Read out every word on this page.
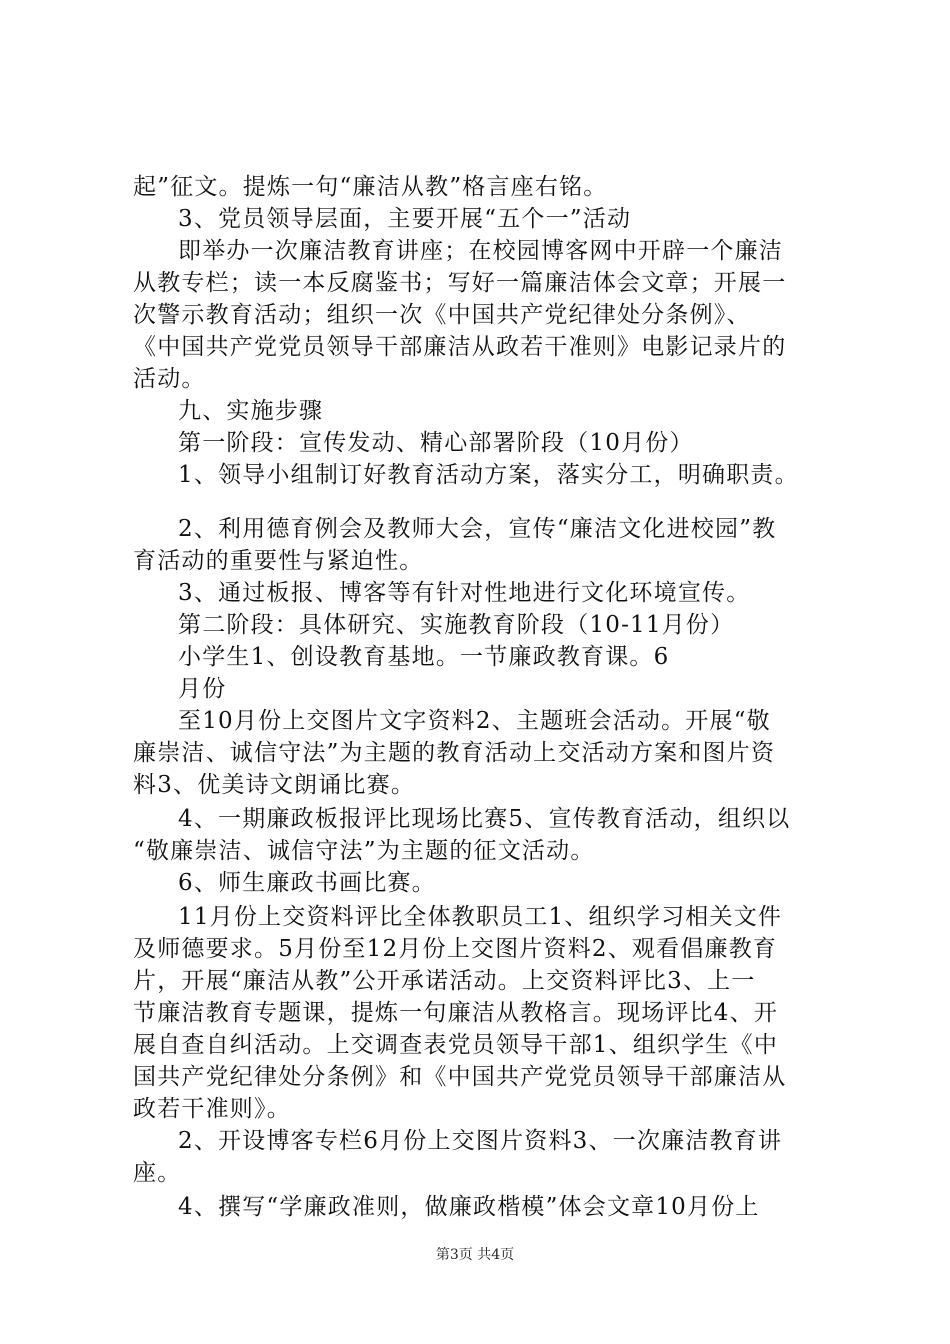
起”征文。提炼一句“廉洁从教”格言座右铭。
3、党员领导层面，主要开展“五个一”活动
即举办一次廉洁教育讲座；在校园博客网中开辟一个廉洁
从教专栏；读一本反腐鉴书；写好一篇廉洁体会文章；开展一
次警示教育活动；组织一次《中国共产党纪律处分条例》、
《中国共产党党员领导干部廉洁从政若干准则》电影记录片的
活动。
九、实施步骤
第一阶段：宣传发动、精心部署阶段（10月份）
1、领导小组制订好教育活动方案，落实分工，明确职责。
2、利用德育例会及教师大会，宣传“廉洁文化进校园”教
育活动的重要性与紧迫性。
3、通过板报、博客等有针对性地进行文化环境宣传。
第二阶段：具体研究、实施教育阶段（10-11月份）
小学生1、创设教育基地。一节廉政教育课。6
月份
至10月份上交图片文字资料2、主题班会活动。开展“敬
廉崇洁、诚信守法”为主题的教育活动上交活动方案和图片资
料3、优美诗文朗诵比赛。
4、一期廉政板报评比现场比赛5、宣传教育活动，组织以
“敬廉崇洁、诚信守法”为主题的征文活动。
6、师生廉政书画比赛。
11月份上交资料评比全体教职员工1、组织学习相关文件
及师德要求。5月份至12月份上交图片资料2、观看倡廉教育
片，开展“廉洁从教”公开承诺活动。上交资料评比3、上一
节廉洁教育专题课，提炼一句廉洁从教格言。现场评比4、开
展自查自纠活动。上交调查表党员领导干部1、组织学生《中
国共产党纪律处分条例》和《中国共产党党员领导干部廉洁从
政若干准则》。
2、开设博客专栏6月份上交图片资料3、一次廉洁教育讲
座。
4、撰写“学廉政准则，做廉政楷模”体会文章10月份上
第3页 共4页
